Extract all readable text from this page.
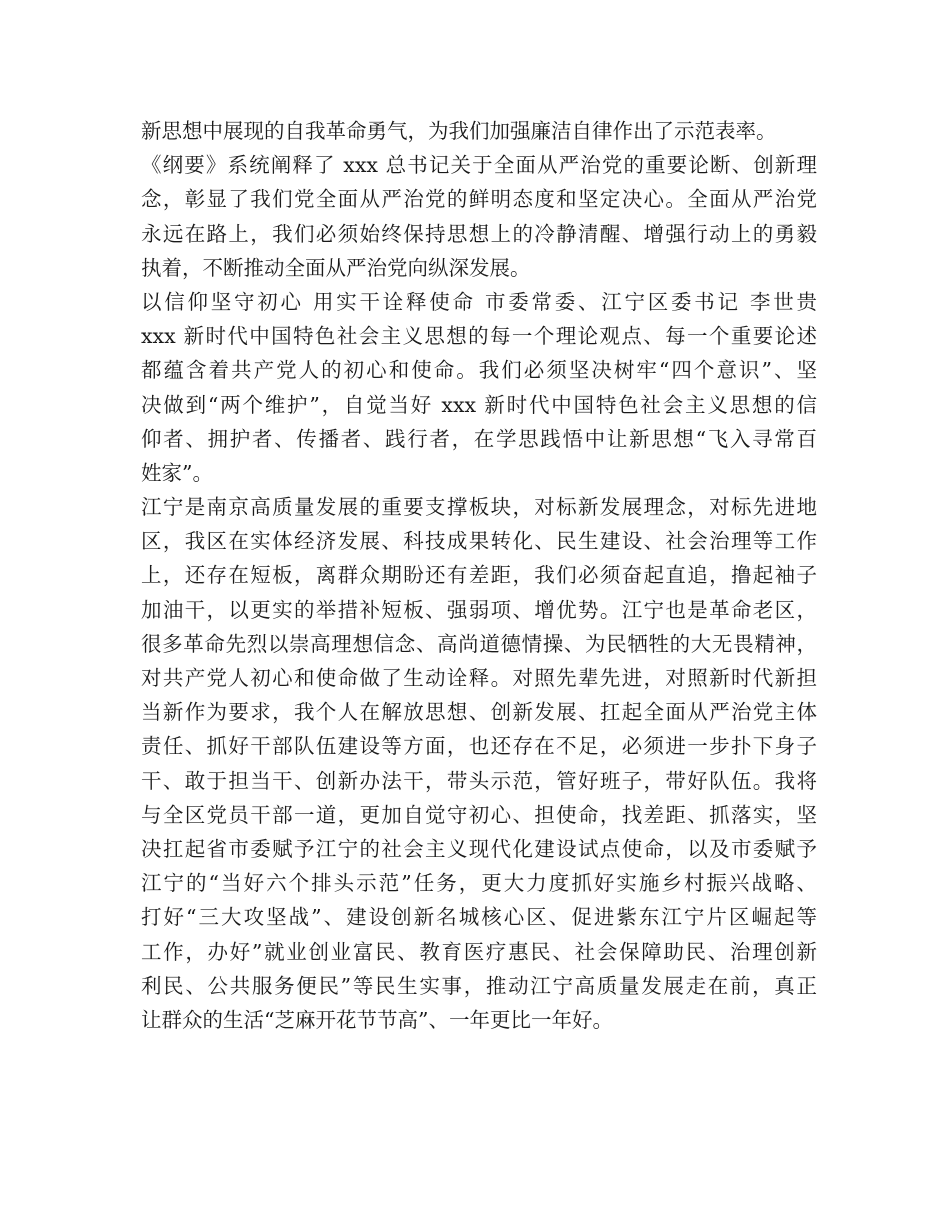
新思想中展现的自我革命勇气，为我们加强廉洁自律作出了示范表率。
《纲要》系统阐释了 xxx 总书记关于全面从严治党的重要论断、创新理
念，彰显了我们党全面从严治党的鲜明态度和坚定决心。全面从严治党
永远在路上，我们必须始终保持思想上的冷静清醒、增强行动上的勇毅
执着，不断推动全面从严治党向纵深发展。
以信仰坚守初心 用实干诠释使命 市委常委、江宁区委书记 李世贵
xxx 新时代中国特色社会主义思想的每一个理论观点、每一个重要论述
都蕴含着共产党人的初心和使命。我们必须坚决树牢“四个意识”、坚
决做到“两个维护”，自觉当好 xxx 新时代中国特色社会主义思想的信
仰者、拥护者、传播者、践行者，在学思践悟中让新思想“飞入寻常百
姓家”。
江宁是南京高质量发展的重要支撑板块，对标新发展理念，对标先进地
区，我区在实体经济发展、科技成果转化、民生建设、社会治理等工作
上，还存在短板，离群众期盼还有差距，我们必须奋起直追，撸起袖子
加油干，以更实的举措补短板、强弱项、增优势。江宁也是革命老区，
很多革命先烈以崇高理想信念、高尚道德情操、为民牺牲的大无畏精神，
对共产党人初心和使命做了生动诠释。对照先辈先进，对照新时代新担
当新作为要求，我个人在解放思想、创新发展、扛起全面从严治党主体
责任、抓好干部队伍建设等方面，也还存在不足，必须进一步扑下身子
干、敢于担当干、创新办法干，带头示范，管好班子，带好队伍。我将
与全区党员干部一道，更加自觉守初心、担使命，找差距、抓落实，坚
决扛起省市委赋予江宁的社会主义现代化建设试点使命，以及市委赋予
江宁的“当好六个排头示范”任务，更大力度抓好实施乡村振兴战略、
打好“三大攻坚战”、建设创新名城核心区、促进紫东江宁片区崛起等
工作，办好”就业创业富民、教育医疗惠民、社会保障助民、治理创新
利民、公共服务便民”等民生实事，推动江宁高质量发展走在前，真正
让群众的生活“芝麻开花节节高”、一年更比一年好。
